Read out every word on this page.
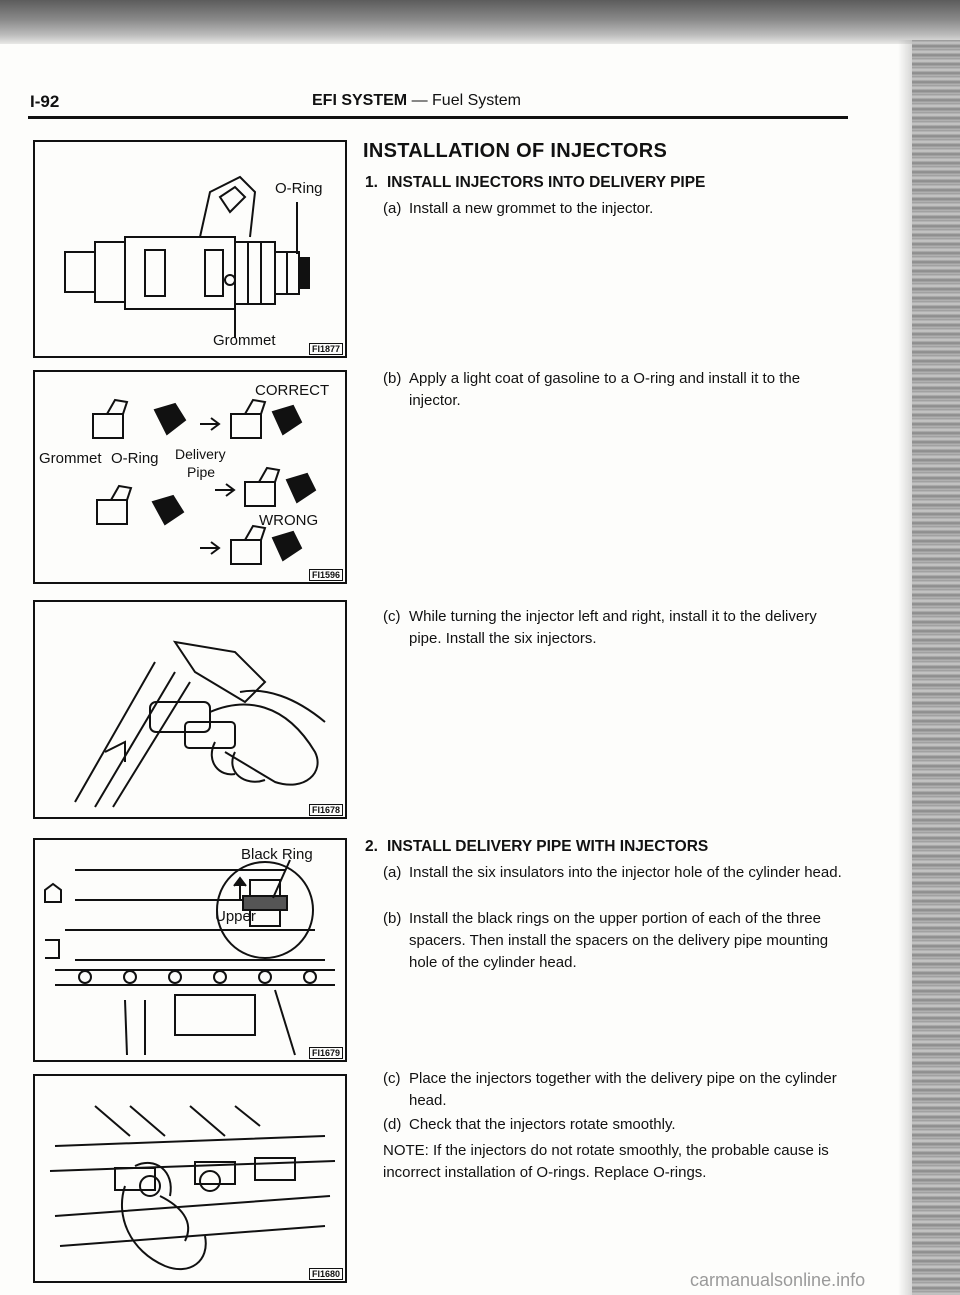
I-92	EFI SYSTEM — Fuel System
O-Ring
Grommet	FI1877
CORRECT
Grommet O-Ring Delivery
Pipe
WRONG
FI1596
FI1678
Black Ring
Upper
FI1679
FI1680
INSTALLATION OF INJECTORS
1. INSTALL INJECTORS INTO DELIVERY PIPE
(a) Install a new grommet to the injector.
(b) Apply a light coat of gasoline to a O-ring and install it to the injector.
(c) While turning the injector left and right, install it to the delivery pipe. Install the six injectors.
2. INSTALL DELIVERY PIPE WITH INJECTORS
(a) Install the six insulators into the injector hole of the cylinder head.
(b) Install the black rings on the upper portion of each of the three spacers. Then install the spacers on the delivery pipe mounting hole of the cylinder head.
(c) Place the injectors together with the delivery pipe on the cylinder head.
(d) Check that the injectors rotate smoothly.
NOTE: If the injectors do not rotate smoothly, the probable cause is incorrect installation of O-rings. Replace O-rings.
carmanualsonline.info
